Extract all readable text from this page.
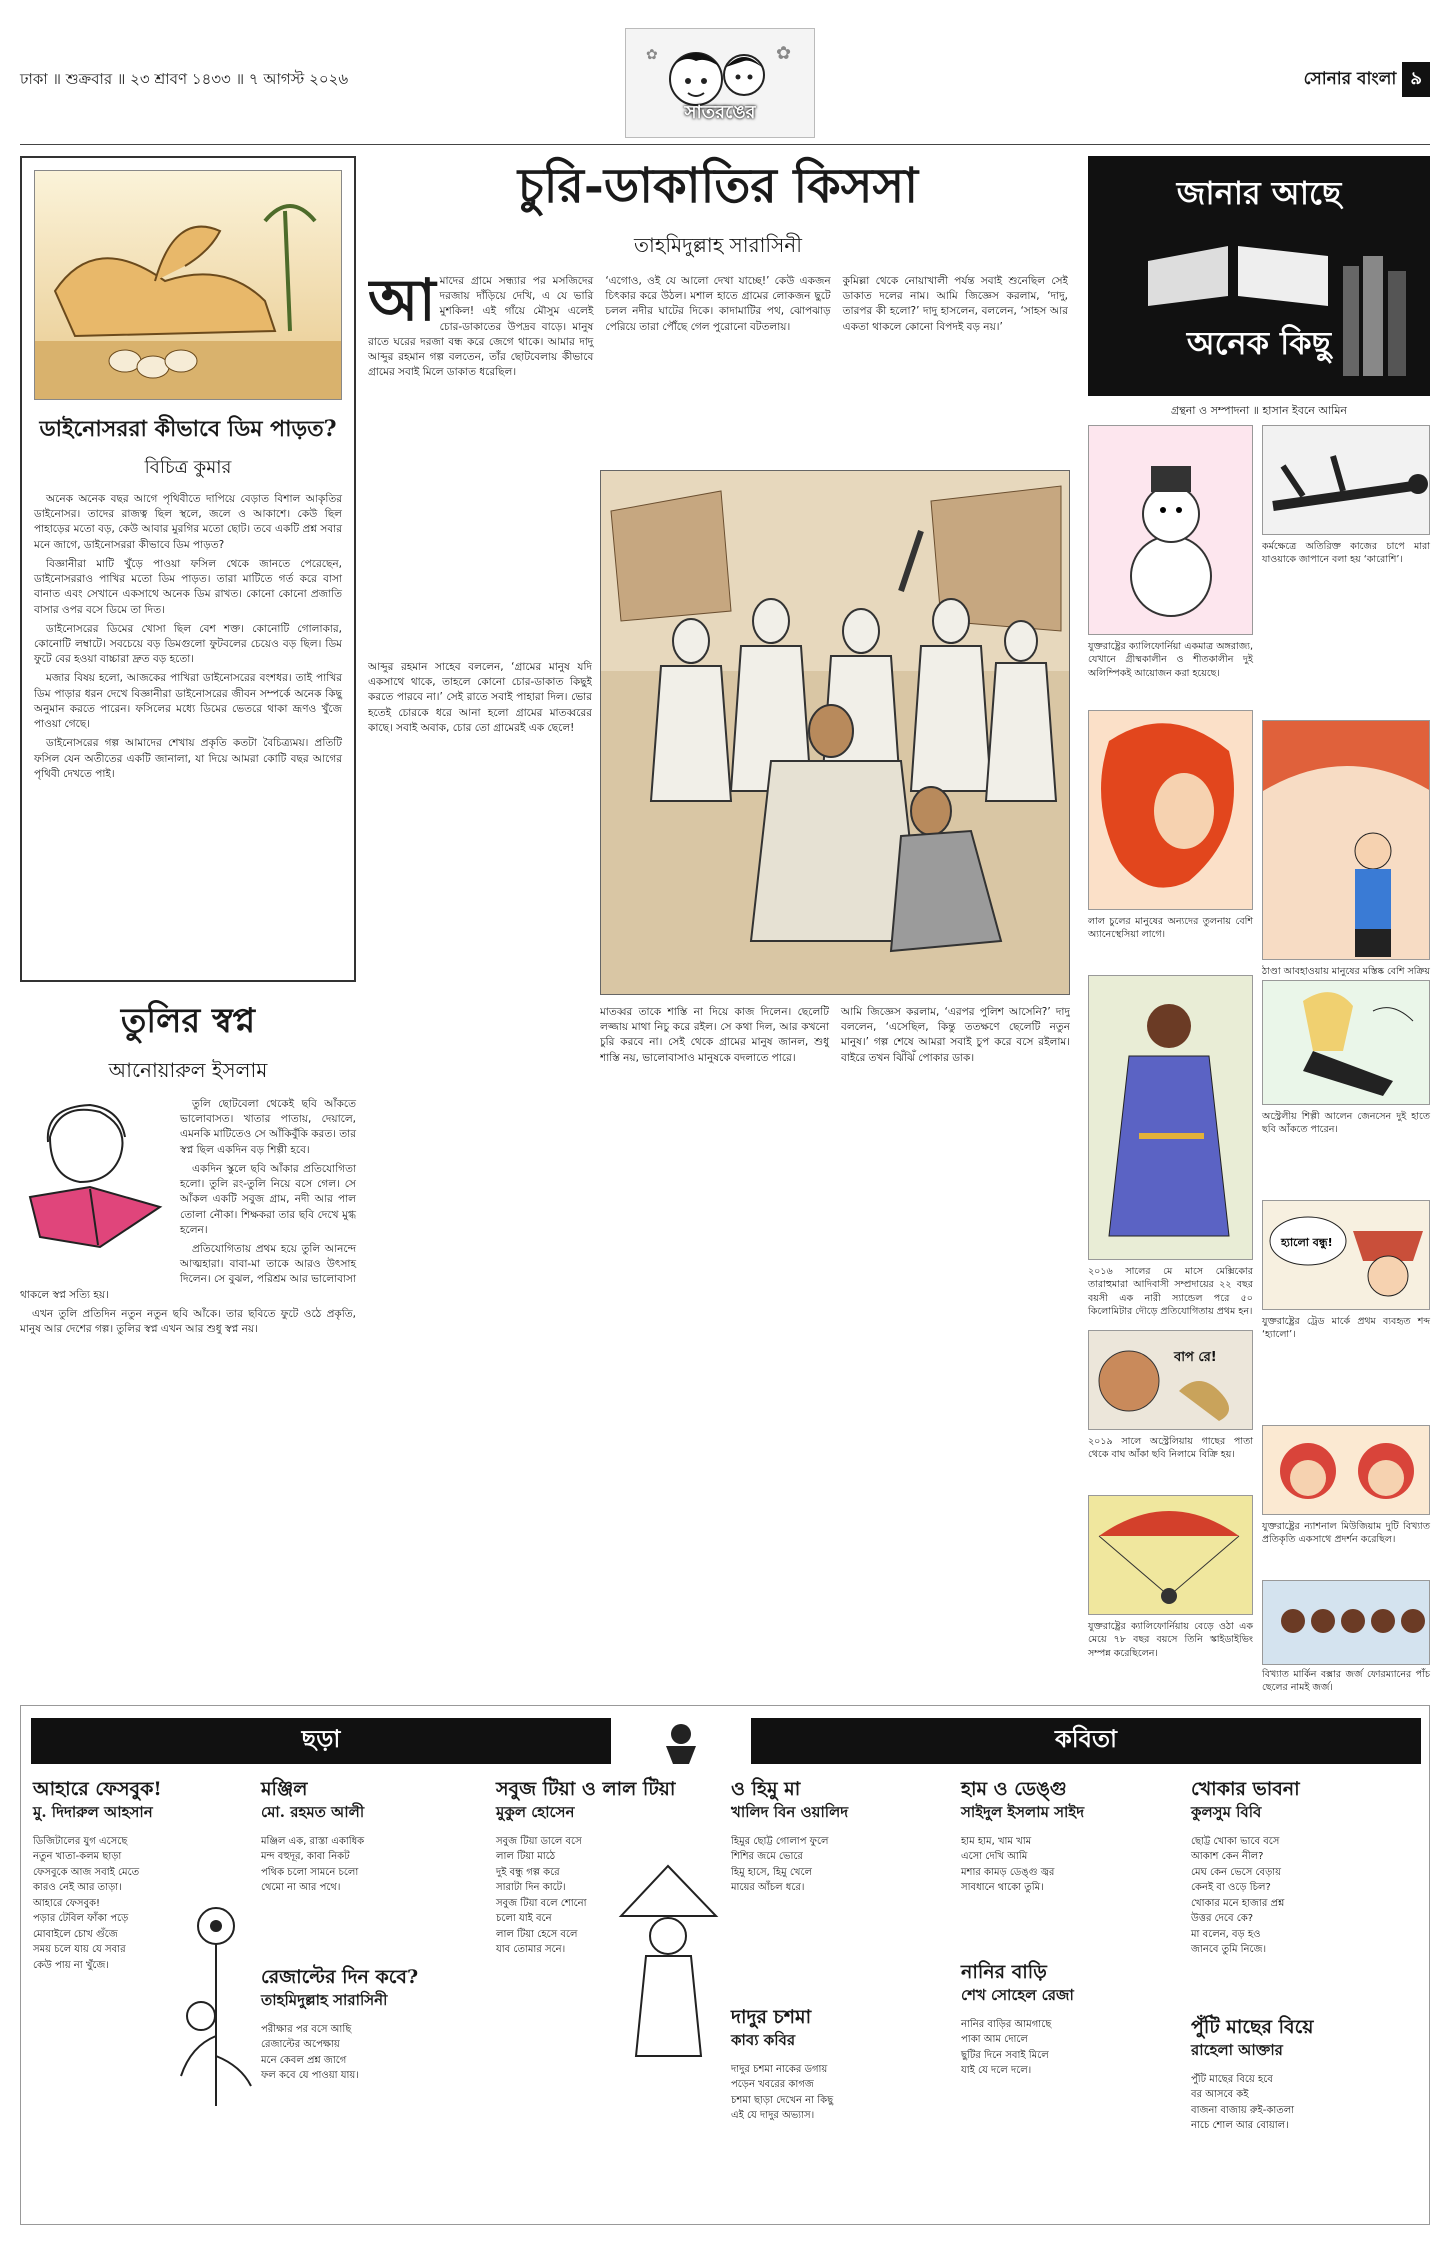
ঢাকা ॥ শুক্রবার ॥ ২৩ শ্রাবণ ১৪৩৩ ॥ ৭ আগস্ট ২০২৬
✿
✿
সাতরঙের
সোনার বাংলা ৯
ডাইনোসররা কীভাবে ডিম পাড়ত?
বিচিত্র কুমার

অনেক অনেক বছর আগে পৃথিবীতে দাপিয়ে বেড়াত বিশাল আকৃতির ডাইনোসর। তাদের রাজত্ব ছিল স্থলে, জলে ও আকাশে। কেউ ছিল পাহাড়ের মতো বড়, কেউ আবার মুরগির মতো ছোট। তবে একটি প্রশ্ন সবার মনে জাগে, ডাইনোসররা কীভাবে ডিম পাড়ত?

বিজ্ঞানীরা মাটি খুঁড়ে পাওয়া ফসিল থেকে জানতে পেরেছেন, ডাইনোসররাও পাখির মতো ডিম পাড়ত। তারা মাটিতে গর্ত করে বাসা বানাত এবং সেখানে একসাথে অনেক ডিম রাখত। কোনো কোনো প্রজাতি বাসার ওপর বসে ডিমে তা দিত।

ডাইনোসরের ডিমের খোসা ছিল বেশ শক্ত। কোনোটি গোলাকার, কোনোটি লম্বাটে। সবচেয়ে বড় ডিমগুলো ফুটবলের চেয়েও বড় ছিল। ডিম ফুটে বের হওয়া বাচ্চারা দ্রুত বড় হতো।

মজার বিষয় হলো, আজকের পাখিরা ডাইনোসরের বংশধর। তাই পাখির ডিম পাড়ার ধরন দেখে বিজ্ঞানীরা ডাইনোসরের জীবন সম্পর্কে অনেক কিছু অনুমান করতে পারেন। ফসিলের মধ্যে ডিমের ভেতরে থাকা ভ্রূণও খুঁজে পাওয়া গেছে।

ডাইনোসরের গল্প আমাদের শেখায় প্রকৃতি কতটা বৈচিত্র্যময়। প্রতিটি ফসিল যেন অতীতের একটি জানালা, যা দিয়ে আমরা কোটি বছর আগের পৃথিবী দেখতে পাই।

তুলির স্বপ্ন
আনোয়ারুল ইসলাম

তুলি ছোটবেলা থেকেই ছবি আঁকতে ভালোবাসত। খাতার পাতায়, দেয়ালে, এমনকি মাটিতেও সে আঁকিবুঁকি করত। তার স্বপ্ন ছিল একদিন বড় শিল্পী হবে।

একদিন স্কুলে ছবি আঁকার প্রতিযোগিতা হলো। তুলি রং-তুলি নিয়ে বসে গেল। সে আঁকল একটি সবুজ গ্রাম, নদী আর পাল তোলা নৌকা। শিক্ষকরা তার ছবি দেখে মুগ্ধ হলেন।

প্রতিযোগিতায় প্রথম হয়ে তুলি আনন্দে আত্মহারা। বাবা-মা তাকে আরও উৎসাহ দিলেন। সে বুঝল, পরিশ্রম আর ভালোবাসা থাকলে স্বপ্ন সত্যি হয়।

এখন তুলি প্রতিদিন নতুন নতুন ছবি আঁকে। তার ছবিতে ফুটে ওঠে প্রকৃতি, মানুষ আর দেশের গল্প। তুলির স্বপ্ন এখন আর শুধু স্বপ্ন নয়।

চুরি-ডাকাতির কিসসা
তাহমিদুল্লাহ সারাসিনী
আ মাদের গ্রামে সন্ধ্যার পর মসজিদের দরজায় দাঁড়িয়ে দেখি, এ যে ভারি মুশকিল! এই গাঁয়ে মৌসুম এলেই চোর-ডাকাতের উপদ্রব বাড়ে। মানুষ রাতে ঘরের দরজা বন্ধ করে জেগে থাকে। আমার দাদু আব্দুর রহমান গল্প বলতেন, তাঁর ছোটবেলায় কীভাবে গ্রামের সবাই মিলে ডাকাত ধরেছিল।
‘এগোও, ওই যে আলো দেখা যাচ্ছে!’ কেউ একজন চিৎকার করে উঠল। মশাল হাতে গ্রামের লোকজন ছুটে চলল নদীর ঘাটের দিকে। কাদামাটির পথ, ঝোপঝাড় পেরিয়ে তারা পৌঁছে গেল পুরোনো বটতলায়।
কুমিল্লা থেকে নোয়াখালী পর্যন্ত সবাই শুনেছিল সেই ডাকাত দলের নাম। আমি জিজ্ঞেস করলাম, ‘দাদু, তারপর কী হলো?’ দাদু হাসলেন, বললেন, ‘সাহস আর একতা থাকলে কোনো বিপদই বড় নয়।’
আব্দুর রহমান সাহেব বললেন, ‘গ্রামের মানুষ যদি একসাথে থাকে, তাহলে কোনো চোর-ডাকাত কিছুই করতে পারবে না।’ সেই রাতে সবাই পাহারা দিল। ভোর হতেই চোরকে ধরে আনা হলো গ্রামের মাতব্বরের কাছে। সবাই অবাক, চোর তো গ্রামেরই এক ছেলে!
মাতব্বর তাকে শাস্তি না দিয়ে কাজ দিলেন। ছেলেটি লজ্জায় মাথা নিচু করে রইল। সে কথা দিল, আর কখনো চুরি করবে না। সেই থেকে গ্রামের মানুষ জানল, শুধু শাস্তি নয়, ভালোবাসাও মানুষকে বদলাতে পারে।
আমি জিজ্ঞেস করলাম, ‘এরপর পুলিশ আসেনি?’ দাদু বললেন, ‘এসেছিল, কিন্তু ততক্ষণে ছেলেটি নতুন মানুষ।’ গল্প শেষে আমরা সবাই চুপ করে বসে রইলাম। বাইরে তখন ঝিঁঝিঁ পোকার ডাক।
জানার আছে
অনেক কিছু
গ্রন্থনা ও সম্পাদনা ॥ হাসান ইবনে আমিন
যুক্তরাষ্ট্রের ক্যালিফোর্নিয়া একমাত্র অঙ্গরাজ্য, যেখানে গ্রীষ্মকালীন ও শীতকালীন দুই অলিম্পিকই আয়োজন করা হয়েছে।
লাল চুলের মানুষের অন্যদের তুলনায় বেশি অ্যানেস্থেসিয়া লাগে।
২০১৬ সালের মে মাসে মেক্সিকোর তারাহুমারা আদিবাসী সম্প্রদায়ের ২২ বছর বয়সী এক নারী স্যান্ডেল পরে ৫০ কিলোমিটার দৌড়ে প্রতিযোগিতায় প্রথম হন।
বাপ রে!
২০১৯ সালে অস্ট্রেলিয়ায় গাছের পাতা থেকে বাঘ আঁকা ছবি নিলামে বিক্রি হয়।
যুক্তরাষ্ট্রের ক্যালিফোর্নিয়ায় বেড়ে ওঠা এক মেয়ে ৭৮ বছর বয়সে তিনি স্কাইডাইভিং সম্পন্ন করেছিলেন।
কর্মক্ষেত্রে অতিরিক্ত কাজের চাপে মারা যাওয়াকে জাপানে বলা হয় ‘কারোশি’।
ঠাণ্ডা আবহাওয়ায় মানুষের মস্তিষ্ক বেশি সক্রিয়
অস্ট্রেলীয় শিল্পী আলেন জেনসেন দুই হাতে ছবি আঁকতে পারেন।
হ্যালো বন্ধু!
যুক্তরাষ্ট্রের ট্রেড মার্কে প্রথম ব্যবহৃত শব্দ ‘হ্যালো’।
যুক্তরাষ্ট্রের ন্যাশনাল মিউজিয়াম দুটি বিখ্যাত প্রতিকৃতি একসাথে প্রদর্শন করেছিল।
বিখ্যাত মার্কিন বক্সার জর্জ ফোরম্যানের পাঁচ ছেলের নামই জর্জ।
ছড়া	কবিতা
আহারে ফেসবুক!
মু. দিদারুল আহসান
ডিজিটালের যুগ এসেছে
নতুন খাতা-কলম ছাড়া
ফেসবুকে আজ সবাই মেতে
কারও নেই আর তাড়া।
আহারে ফেসবুক!
পড়ার টেবিল ফাঁকা পড়ে
মোবাইলে চোখ গুঁজে
সময় চলে যায় যে সবার
কেউ পায় না খুঁজে।
মঞ্জিল
মো. রহমত আলী
মঞ্জিল এক, রাস্তা একাধিক
মন্দ বহুদূর, কাবা নিকট
পথিক চলো সামনে চলো
থেমো না আর পথে।
রেজাল্টের দিন কবে?
তাহমিদুল্লাহ সারাসিনী
পরীক্ষার পর বসে আছি
রেজাল্টের অপেক্ষায়
মনে কেবল প্রশ্ন জাগে
ফল কবে যে পাওয়া যায়।
সবুজ টিয়া ও লাল টিয়া
মুকুল হোসেন
সবুজ টিয়া ডালে বসে
লাল টিয়া মাঠে
দুই বন্ধু গল্প করে
সারাটা দিন কাটে।
সবুজ টিয়া বলে শোনো
চলো যাই বনে
লাল টিয়া হেসে বলে
যাব তোমার সনে।
ও হিমু মা
খালিদ বিন ওয়ালিদ
হিমুর ছোট্ট গোলাপ ফুলে
শিশির জমে ভোরে
হিমু হাসে, হিমু খেলে
মায়ের আঁচল ধরে।
দাদুর চশমা
কাব্য কবির
দাদুর চশমা নাকের ডগায়
পড়েন খবরের কাগজ
চশমা ছাড়া দেখেন না কিছু
এই যে দাদুর অভ্যাস।
হাম ও ডেঙ্গু
সাইদুল ইসলাম সাইদ
হাম হাম, খাম খাম
এসো দেখি আমি
মশার কামড় ডেঙ্গু জ্বর
সাবধানে থাকো তুমি।
নানির বাড়ি
শেখ সোহেল রেজা
নানির বাড়ির আমগাছে
পাকা আম দোলে
ছুটির দিনে সবাই মিলে
যাই যে দলে দলে।
খোকার ভাবনা
কুলসুম বিবি
ছোট্ট খোকা ভাবে বসে
আকাশ কেন নীল?
মেঘ কেন ভেসে বেড়ায়
কেনই বা ওড়ে চিল?
খোকার মনে হাজার প্রশ্ন
উত্তর দেবে কে?
মা বলেন, বড় হও
জানবে তুমি নিজে।
পুঁটি মাছের বিয়ে
রাহেলা আক্তার
পুঁটি মাছের বিয়ে হবে
বর আসবে কই
বাজনা বাজায় রুই-কাতলা
নাচে শোল আর বোয়াল।
